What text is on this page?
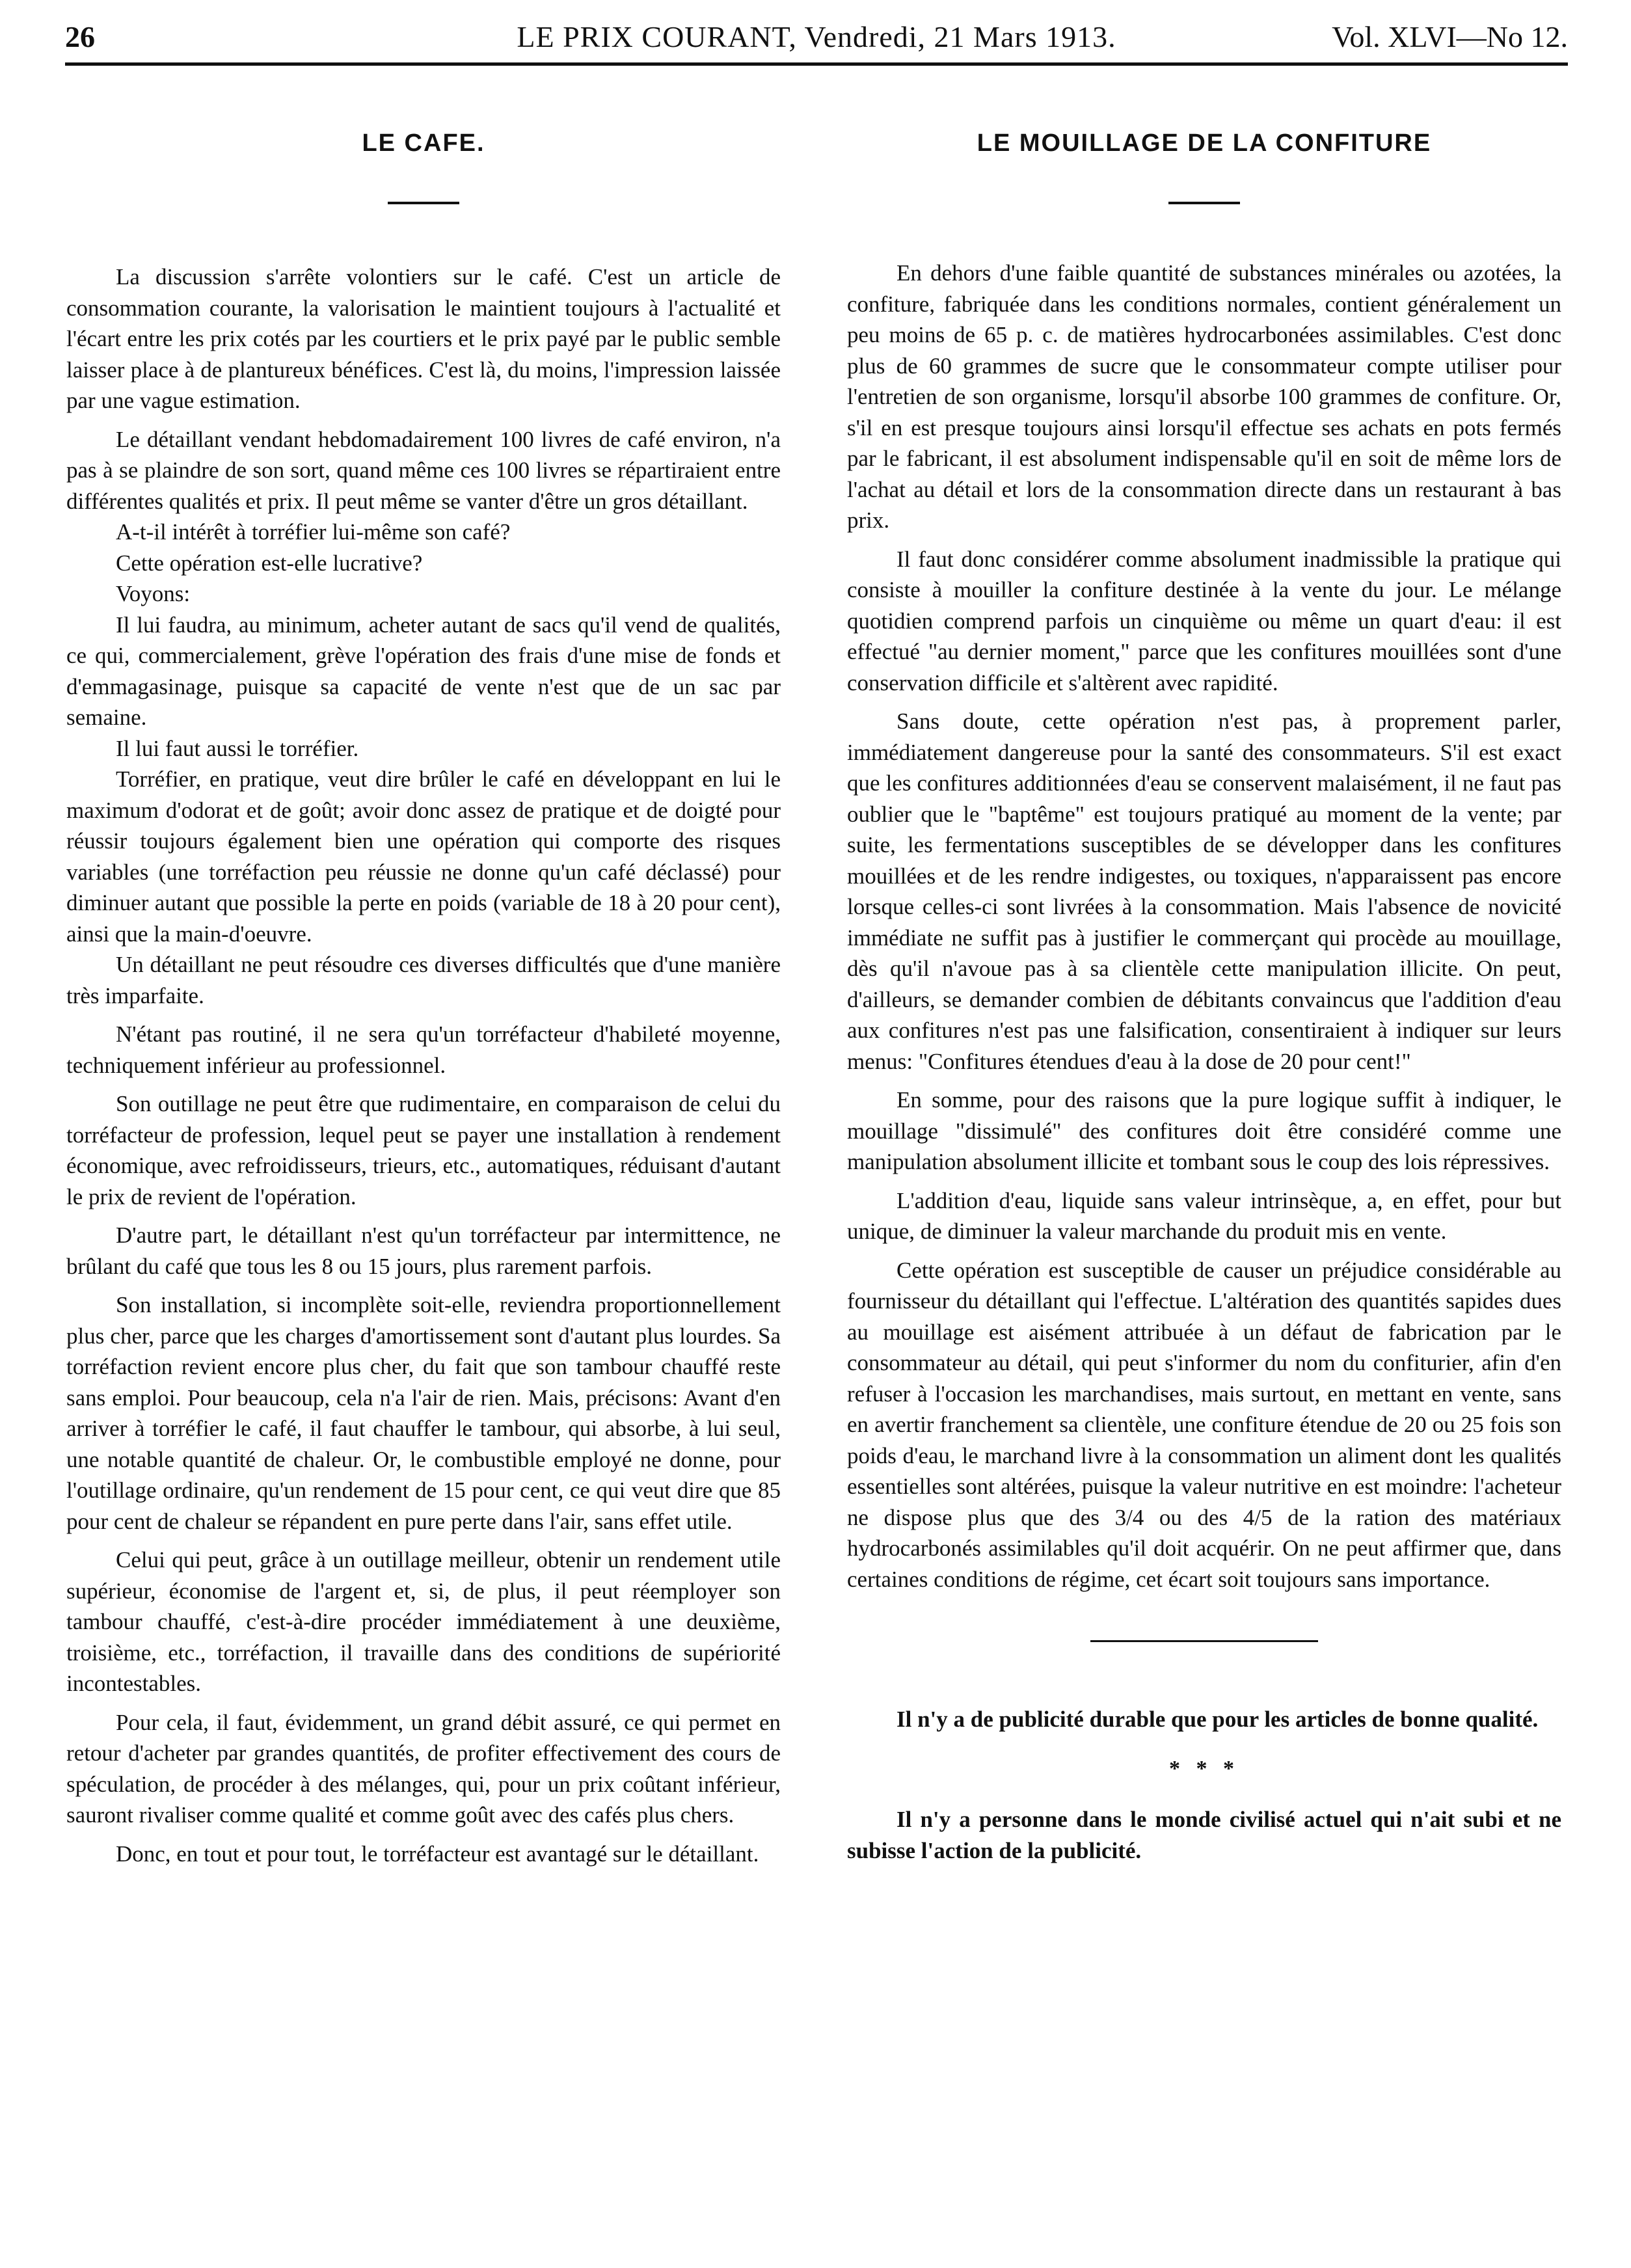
26	LE PRIX COURANT, Vendredi, 21 Mars 1913.	Vol. XLVI—No 12.
LE CAFE.

La discussion s'arrête volontiers sur le café. C'est un article de consommation courante, la valorisation le maintient toujours à l'actualité et l'écart entre les prix cotés par les courtiers et le prix payé par le public semble laisser place à de plantureux bénéfices. C'est là, du moins, l'impression laissée par une vague estimation.

Le détaillant vendant hebdomadairement 100 livres de café environ, n'a pas à se plaindre de son sort, quand même ces 100 livres se répartiraient entre différentes qualités et prix. Il peut même se vanter d'être un gros détaillant.

A-t-il intérêt à torréfier lui-même son café?

Cette opération est-elle lucrative?

Voyons:

Il lui faudra, au minimum, acheter autant de sacs qu'il vend de qualités, ce qui, commercialement, grève l'opération des frais d'une mise de fonds et d'emmagasinage, puisque sa capacité de vente n'est que de un sac par semaine.

Il lui faut aussi le torréfier.

Torréfier, en pratique, veut dire brûler le café en développant en lui le maximum d'odorat et de goût; avoir donc assez de pratique et de doigté pour réussir toujours également bien une opération qui comporte des risques variables (une torréfaction peu réussie ne donne qu'un café déclassé) pour diminuer autant que possible la perte en poids (variable de 18 à 20 pour cent), ainsi que la main-d'oeuvre.

Un détaillant ne peut résoudre ces diverses difficultés que d'une manière très imparfaite.

N'étant pas routiné, il ne sera qu'un torréfacteur d'habileté moyenne, techniquement inférieur au professionnel.

Son outillage ne peut être que rudimentaire, en comparaison de celui du torréfacteur de profession, lequel peut se payer une installation à rendement économique, avec refroidisseurs, trieurs, etc., automatiques, réduisant d'autant le prix de revient de l'opération.

D'autre part, le détaillant n'est qu'un torréfacteur par intermittence, ne brûlant du café que tous les 8 ou 15 jours, plus rarement parfois.

Son installation, si incomplète soit-elle, reviendra proportionnellement plus cher, parce que les charges d'amortissement sont d'autant plus lourdes. Sa torréfaction revient encore plus cher, du fait que son tambour chauffé reste sans emploi. Pour beaucoup, cela n'a l'air de rien. Mais, précisons: Avant d'en arriver à torréfier le café, il faut chauffer le tambour, qui absorbe, à lui seul, une notable quantité de chaleur. Or, le combustible employé ne donne, pour l'outillage ordinaire, qu'un rendement de 15 pour cent, ce qui veut dire que 85 pour cent de chaleur se répandent en pure perte dans l'air, sans effet utile.

Celui qui peut, grâce à un outillage meilleur, obtenir un rendement utile supérieur, économise de l'argent et, si, de plus, il peut réemployer son tambour chauffé, c'est-à-dire procéder immédiatement à une deuxième, troisième, etc., torréfaction, il travaille dans des conditions de supériorité incontestables.

Pour cela, il faut, évidemment, un grand débit assuré, ce qui permet en retour d'acheter par grandes quantités, de profiter effectivement des cours de spéculation, de procéder à des mélanges, qui, pour un prix coûtant inférieur, sauront rivaliser comme qualité et comme goût avec des cafés plus chers.

Donc, en tout et pour tout, le torréfacteur est avantagé sur le détaillant.

LE MOUILLAGE DE LA CONFITURE

En dehors d'une faible quantité de substances minérales ou azotées, la confiture, fabriquée dans les conditions normales, contient généralement un peu moins de 65 p. c. de matières hydrocarbonées assimilables. C'est donc plus de 60 grammes de sucre que le consommateur compte utiliser pour l'entretien de son organisme, lorsqu'il absorbe 100 grammes de confiture. Or, s'il en est presque toujours ainsi lorsqu'il effectue ses achats en pots fermés par le fabricant, il est absolument indispensable qu'il en soit de même lors de l'achat au détail et lors de la consommation directe dans un restaurant à bas prix.

Il faut donc considérer comme absolument inadmissible la pratique qui consiste à mouiller la confiture destinée à la vente du jour. Le mélange quotidien comprend parfois un cinquième ou même un quart d'eau: il est effectué "au dernier moment," parce que les confitures mouillées sont d'une conservation difficile et s'altèrent avec rapidité.

Sans doute, cette opération n'est pas, à proprement parler, immédiatement dangereuse pour la santé des consommateurs. S'il est exact que les confitures additionnées d'eau se conservent malaisément, il ne faut pas oublier que le "baptême" est toujours pratiqué au moment de la vente; par suite, les fermentations susceptibles de se développer dans les confitures mouillées et de les rendre indigestes, ou toxiques, n'apparaissent pas encore lorsque celles-ci sont livrées à la consommation. Mais l'absence de novicité immédiate ne suffit pas à justifier le commerçant qui procède au mouillage, dès qu'il n'avoue pas à sa clientèle cette manipulation illicite. On peut, d'ailleurs, se demander combien de débitants convaincus que l'addition d'eau aux confitures n'est pas une falsification, consentiraient à indiquer sur leurs menus: "Confitures étendues d'eau à la dose de 20 pour cent!"

En somme, pour des raisons que la pure logique suffit à indiquer, le mouillage "dissimulé" des confitures doit être considéré comme une manipulation absolument illicite et tombant sous le coup des lois répressives.

L'addition d'eau, liquide sans valeur intrinsèque, a, en effet, pour but unique, de diminuer la valeur marchande du produit mis en vente.

Cette opération est susceptible de causer un préjudice considérable au fournisseur du détaillant qui l'effectue. L'altération des quantités sapides dues au mouillage est aisément attribuée à un défaut de fabrication par le consommateur au détail, qui peut s'informer du nom du confiturier, afin d'en refuser à l'occasion les marchandises, mais surtout, en mettant en vente, sans en avertir franchement sa clientèle, une confiture étendue de 20 ou 25 fois son poids d'eau, le marchand livre à la consommation un aliment dont les qualités essentielles sont altérées, puisque la valeur nutritive en est moindre: l'acheteur ne dispose plus que des 3/4 ou des 4/5 de la ration des matériaux hydrocarbonés assimilables qu'il doit acquérir. On ne peut affirmer que, dans certaines conditions de régime, cet écart soit toujours sans importance.

Il n'y a de publicité durable que pour les articles de bonne qualité.

* * *

Il n'y a personne dans le monde civilisé actuel qui n'ait subi et ne subisse l'action de la publicité.
